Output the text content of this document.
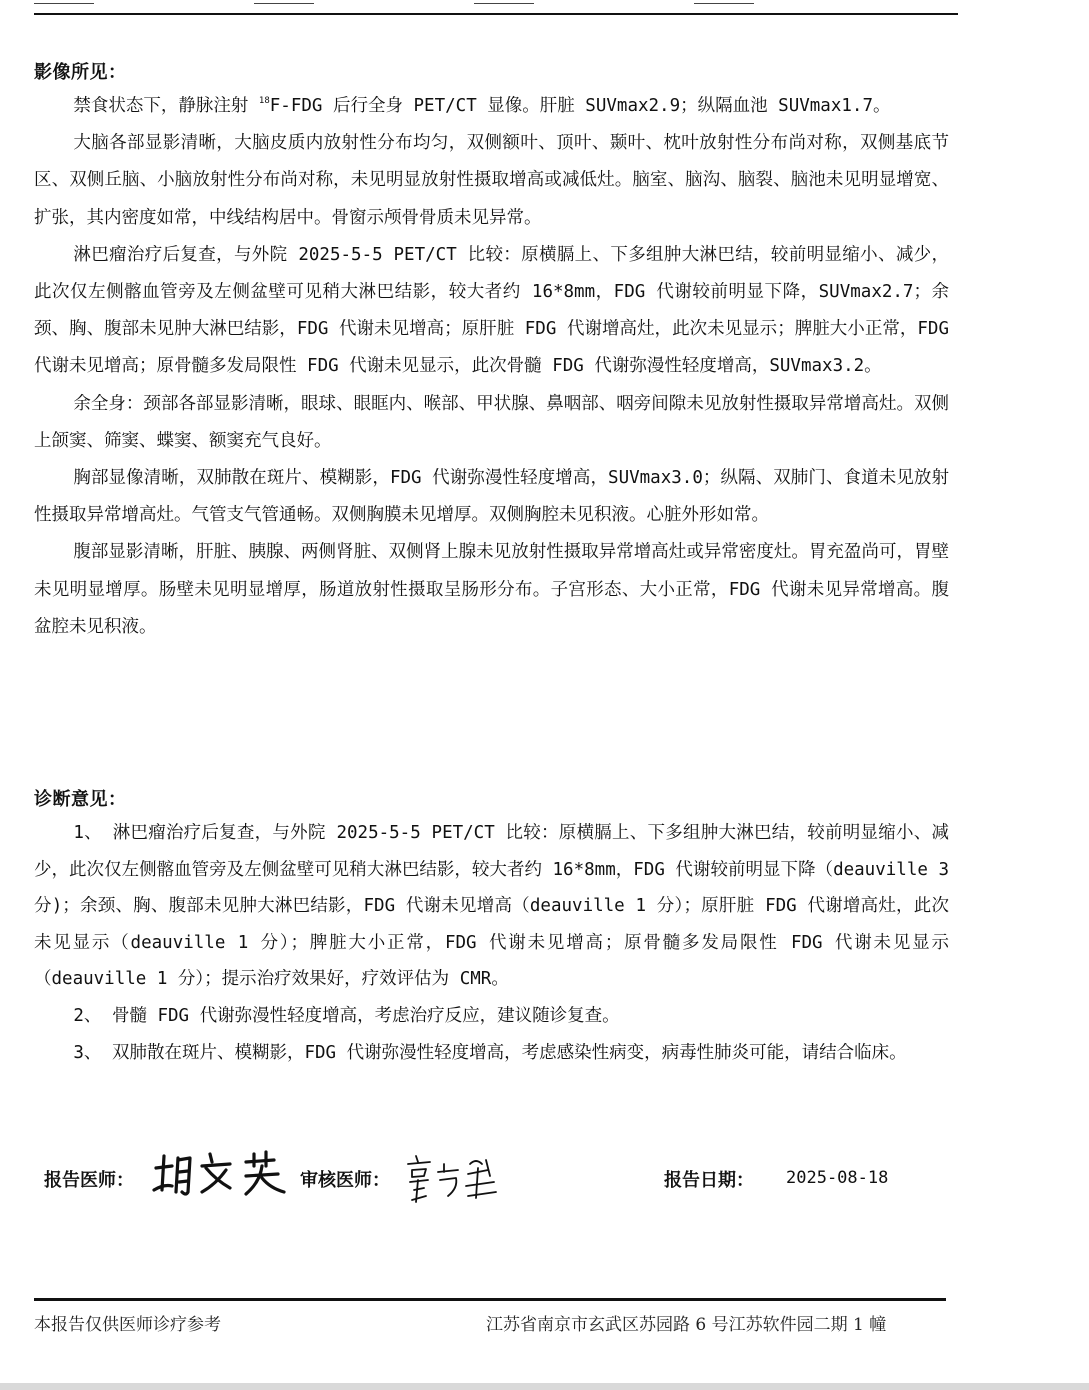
影像所见：

禁食状态下，静脉注射 $^{18}$F-FDG 后行全身 PET/CT 显像。肝脏 SUVmax2.9；纵隔血池 SUVmax1.7。

大脑各部显影清晰，大脑皮质内放射性分布均匀，双侧额叶、顶叶、颞叶、枕叶放射性分布尚对称，双侧基底节区、双侧丘脑、小脑放射性分布尚对称，未见明显放射性摄取增高或减低灶。脑室、脑沟、脑裂、脑池未见明显增宽、扩张，其内密度如常，中线结构居中。骨窗示颅骨骨质未见异常。

淋巴瘤治疗后复查，与外院 2025-5-5 PET/CT 比较：原横膈上、下多组肿大淋巴结，较前明显缩小、减少，此次仅左侧髂血管旁及左侧盆壁可见稍大淋巴结影，较大者约 16*8mm，FDG 代谢较前明显下降，SUVmax2.7；余颈、胸、腹部未见肿大淋巴结影，FDG 代谢未见增高；原肝脏 FDG 代谢增高灶，此次未见显示；脾脏大小正常，FDG 代谢未见增高；原骨髓多发局限性 FDG 代谢未见显示，此次骨髓 FDG 代谢弥漫性轻度增高，SUVmax3.2。

余全身：颈部各部显影清晰，眼球、眼眶内、喉部、甲状腺、鼻咽部、咽旁间隙未见放射性摄取异常增高灶。双侧上颌窦、筛窦、蝶窦、额窦充气良好。

胸部显像清晰，双肺散在斑片、模糊影，FDG 代谢弥漫性轻度增高，SUVmax3.0；纵隔、双肺门、食道未见放射性摄取异常增高灶。气管支气管通畅。双侧胸膜未见增厚。双侧胸腔未见积液。心脏外形如常。

腹部显影清晰，肝脏、胰腺、两侧肾脏、双侧肾上腺未见放射性摄取异常增高灶或异常密度灶。胃充盈尚可，胃壁未见明显增厚。肠壁未见明显增厚，肠道放射性摄取呈肠形分布。子宫形态、大小正常，FDG 代谢未见异常增高。腹盆腔未见积液。

诊断意见：

1、 淋巴瘤治疗后复查，与外院 2025-5-5 PET/CT 比较：原横膈上、下多组肿大淋巴结，较前明显缩小、减少，此次仅左侧髂血管旁及左侧盆壁可见稍大淋巴结影，较大者约 16*8mm，FDG 代谢较前明显下降（deauville 3 分)；余颈、胸、腹部未见肿大淋巴结影，FDG 代谢未见增高（deauville 1 分）；原肝脏 FDG 代谢增高灶，此次未见显示（deauville 1 分）；脾脏大小正常，FDG 代谢未见增高；原骨髓多发局限性 FDG 代谢未见显示（deauville 1 分）；提示治疗效果好，疗效评估为 CMR。

2、 骨髓 FDG 代谢弥漫性轻度增高，考虑治疗反应，建议随诊复查。

3、 双肺散在斑片、模糊影，FDG 代谢弥漫性轻度增高，考虑感染性病变，病毒性肺炎可能，请结合临床。

报告医师：	审核医师：	报告日期： 2025-08-18
本报告仅供医师诊疗参考	江苏省南京市玄武区苏园路 6 号江苏软件园二期 1 幢
